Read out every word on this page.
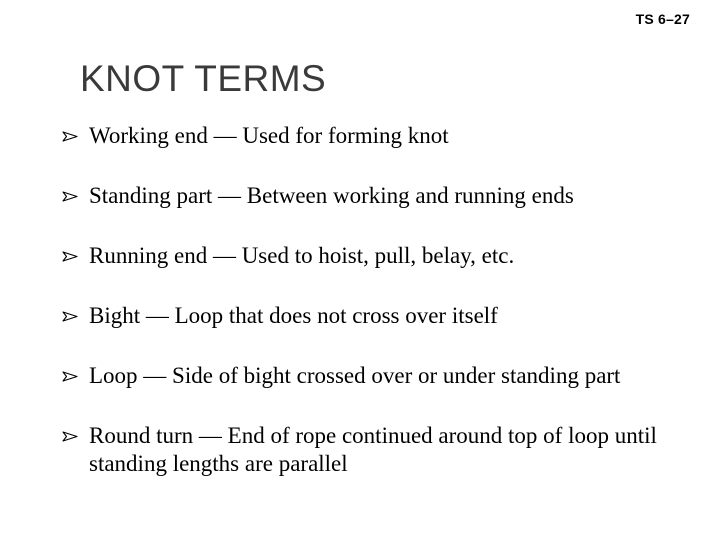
TS 6–27
KNOT TERMS
Working end — Used for forming knot
Standing part — Between working and running ends
Running end — Used to hoist, pull, belay, etc.
Bight — Loop that does not cross over itself
Loop — Side of bight crossed over or under standing part
Round turn — End of rope continued around top of loop until standing lengths are parallel
